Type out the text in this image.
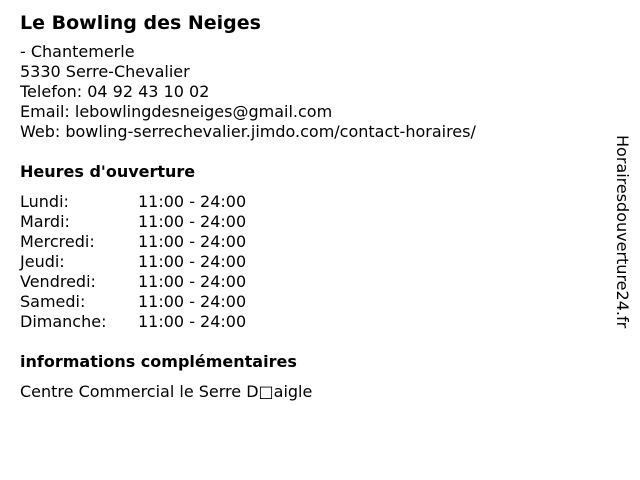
Le Bowling des Neiges
- Chantemerle
5330 Serre-Chevalier
Telefon: 04 92 43 10 02
Email: lebowlingdesneiges@gmail.com
Web: bowling-serrechevalier.jimdo.com/contact-horaires/
Heures d'ouverture
Lundi:	11:00 - 24:00
Mardi:	11:00 - 24:00
Mercredi:	11:00 - 24:00
Jeudi:	11:00 - 24:00
Vendredi:	11:00 - 24:00
Samedi:	11:00 - 24:00
Dimanche:	11:00 - 24:00
informations complémentaires
Centre Commercial le Serre D□aigle
Horairesdouverture24.fr
